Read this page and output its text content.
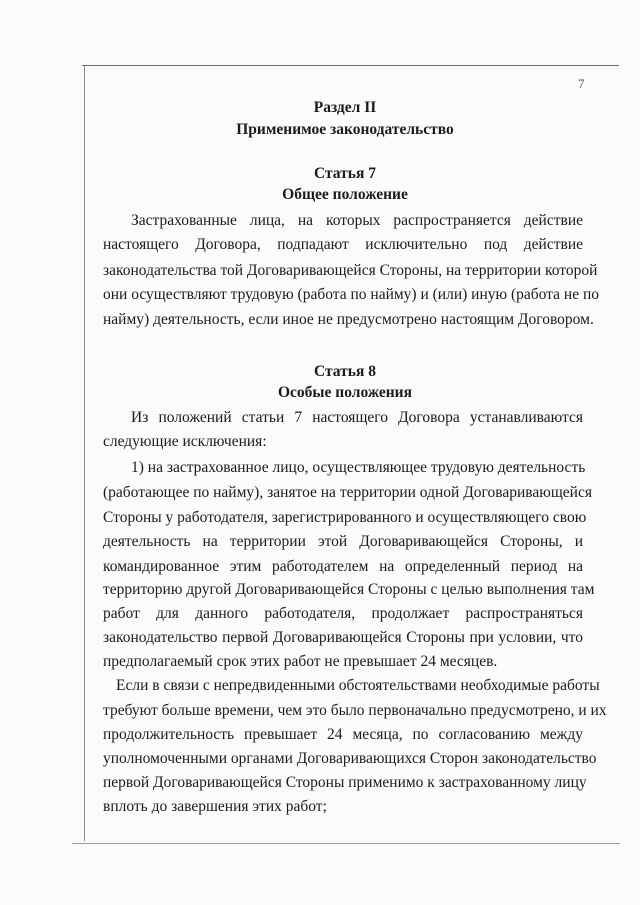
7
Раздел II
Применимое законодательство
Статья 7
Общее положение
Застрахованные лица, на которых распространяется действие
настоящего Договора, подпадают исключительно под действие
законодательства той Договаривающейся Стороны, на территории которой
они осуществляют трудовую (работа по найму) и (или) иную (работа не по
найму) деятельность, если иное не предусмотрено настоящим Договором.
Статья 8
Особые положения
Из положений статьи 7 настоящего Договора устанавливаются
следующие исключения:
1) на застрахованное лицо, осуществляющее трудовую деятельность
(работающее по найму), занятое на территории одной Договаривающейся
Стороны у работодателя, зарегистрированного и осуществляющего свою
деятельность на территории этой Договаривающейся Стороны, и
командированное этим работодателем на определенный период на
территорию другой Договаривающейся Стороны с целью выполнения там
работ для данного работодателя, продолжает распространяться
законодательство первой Договаривающейся Стороны при условии, что
предполагаемый срок этих работ не превышает 24 месяцев.
Если в связи с непредвиденными обстоятельствами необходимые работы
требуют больше времени, чем это было первоначально предусмотрено, и их
продолжительность превышает 24 месяца, по согласованию между
уполномоченными органами Договаривающихся Сторон законодательство
первой Договаривающейся Стороны применимо к застрахованному лицу
вплоть до завершения этих работ;
